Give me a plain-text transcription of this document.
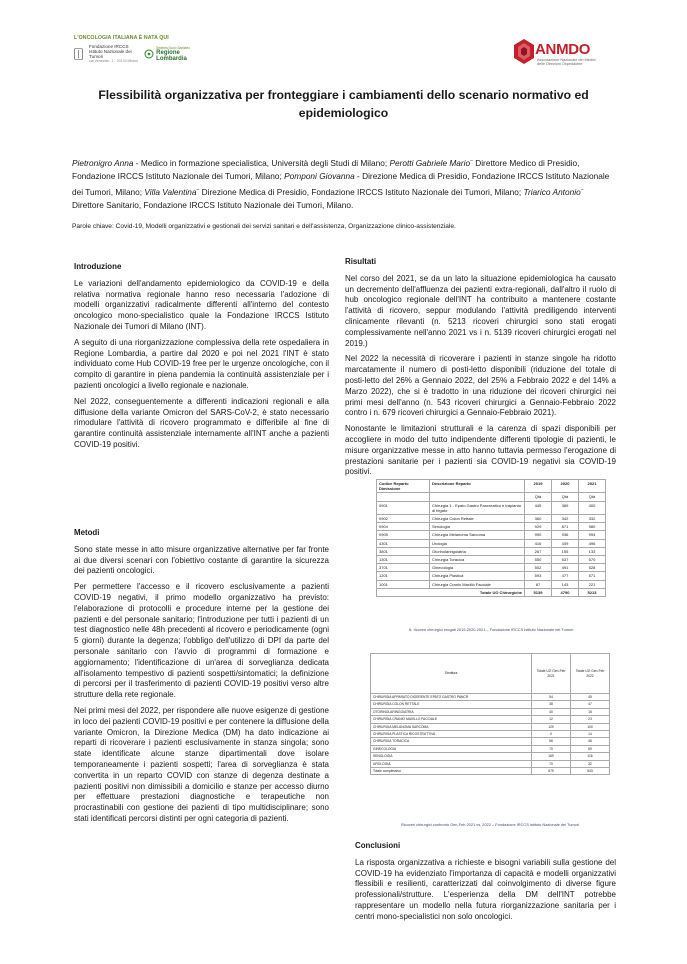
L'ONCOLOGIA ITALIANA È NATA QUI
Fondazione IRCCS
Istituto Nazionale dei
Tumori
via Venezian, 1 · 20133 Milano
Sistema Socio Sanitario
Regione
Lombardia
ANMDO
Associazione Nazionale dei Medici
delle Direzioni Ospedaliere
Flessibilità organizzativa per fronteggiare i cambiamenti dello scenario normativo ed epidemiologico
Pietronigro Anna - Medico in formazione specialistica, Università degli Studi di Milano; Perotti Gabriele Mario– Direttore Medico di Presidio, Fondazione IRCCS Istituto Nazionale dei Tumori, Milano; Pomponi Giovanna - Direzione Medica di Presidio, Fondazione IRCCS Istituto Nazionale dei Tumori, Milano; Villa Valentina– Direzione Medica di Presidio, Fondazione IRCCS Istituto Nazionale dei Tumori, Milano; Triarico Antonio– Direttore Sanitario, Fondazione IRCCS Istituto Nazionale dei Tumori, Milano.
Parole chiave: Covid-19, Modelli organizzativi e gestionali dei servizi sanitari e dell'assistenza, Organizzazione clinico-assistenziale.
Introduzione

Le variazioni dell'andamento epidemiologico da COVID-19 e della relativa normativa regionale hanno reso necessaria l'adozione di modelli organizzativi radicalmente differenti all'interno del contesto oncologico mono-specialistico quale la Fondazione IRCCS Istituto Nazionale dei Tumori di Milano (INT).

A seguito di una riorganizzazione complessiva della rete ospedaliera in Regione Lombardia, a partire dal 2020 e poi nel 2021 l'INT è stato individuato come Hub COVID-19 free per le urgenze oncologiche, con il compito di garantire in piena pandemia la continuità assistenziale per i pazienti oncologici a livello regionale e nazionale.

Nel 2022, conseguentemente a differenti indicazioni regionali e alla diffusione della variante Omicron del SARS-CoV-2, è stato necessario rimodulare l'attività di ricovero programmato e differibile al fine di garantire continuità assistenziale internamente all'INT anche a pazienti COVID-19 positivi.

Metodi

Sono state messe in atto misure organizzative alternative per far fronte ai due diversi scenari con l'obiettivo costante di garantire la sicurezza dei pazienti oncologici.

Per permettere l'accesso e il ricovero esclusivamente a pazienti COVID-19 negativi, il primo modello organizzativo ha previsto: l'elaborazione di protocolli e procedure interne per la gestione dei pazienti e del personale sanitario; l'introduzione per tutti i pazienti di un test diagnostico nelle 48h precedenti al ricovero e periodicamente (ogni 5 giorni) durante la degenza; l'obbligo dell'utilizzo di DPI da parte del personale sanitario con l'avvio di programmi di formazione e aggiornamento; l'identificazione di un'area di sorveglianza dedicata all'isolamento tempestivo di pazienti sospetti/sintomatici; la definizione di percorsi per il trasferimento di pazienti COVID-19 positivi verso altre strutture della rete regionale.

Nei primi mesi del 2022, per rispondere alle nuove esigenze di gestione in loco dei pazienti COVID-19 positivi e per contenere la diffusione della variante Omicron, la Direzione Medica (DM) ha dato indicazione ai reparti di ricoverare i pazienti esclusivamente in stanza singola; sono state identificate alcune stanze dipartimentali dove isolare temporaneamente i pazienti sospetti; l'area di sorveglianza è stata convertita in un reparto COVID con stanze di degenza destinate a pazienti positivi non dimissibili a domicilio e stanze per accesso diurno per effettuare prestazioni diagnostiche e terapeutiche non procrastinabili con gestione dei pazienti di tipo multidisciplinare; sono stati identificati percorsi distinti per ogni categoria di pazienti.

Risultati

Nel corso del 2021, se da un lato la situazione epidemiologica ha causato un decremento dell'affluenza dei pazienti extra-regionali, dall'altro il ruolo di hub oncologico regionale dell'INT ha contribuito a mantenere costante l'attività di ricovero, seppur modulando l'attività prediligendo interventi clinicamente rilevanti (n. 5213 ricoveri chirurgici sono stati erogati complessivamente nell'anno 2021 vs i n. 5139 ricoveri chirurgici erogati nel 2019.)

Nel 2022 la necessità di ricoverare i pazienti in stanze singole ha ridotto marcatamente il numero di posti-letto disponibili (riduzione del totale di posti-letto del 26% a Gennaio 2022, del 25% a Febbraio 2022 e del 14% a Marzo 2022), che si è tradotto in una riduzione dei ricoveri chirurgici nei primi mesi dell'anno (n. 543 ricoveri chirurgici a Gennaio-Febbraio 2022 contro i n. 679 ricoveri chirurgici a Gennaio-Febbraio 2021).

Nonostante le limitazioni strutturali e la carenza di spazi disponibili per accogliere in modo del tutto indipendente differenti tipologie di pazienti, le misure organizzative messe in atto hanno tuttavia permesso l'erogazione di prestazioni sanitarie per i pazienti sia COVID-19 negativi sia COVID-19 positivi.

Codice Reparto Dimissione	Descrizione Reparto	2019	2020	2021
		Qtà	Qtà	Qtà
0901	Chirurgia 1 - Epato Gastro Pancreatico e trapianto di fegato	445	389	400
0902	Chirurgia Colon Rettale	360	342	332
0904	Senologia	929	871	980
0905	Chirurgia Melanoma Sarcoma	990	936	994
4301	Urologia	416	439	496
3801	Otorinolaringoiatria	267	155	133
1301	Chirurgia Toracica	550	537	570
3701	Ginecologia	502	491	528
1201	Chirurgia Plastica	593	477	571
1001	Chirurgia Cranio Maxillo Facciale	87	143	221
Totale UO Chirurgiche		5139	4790	5213
N. ricoveri chirurgici erogati 2019-2020-2021 – Fondazione IRCCS Istituto Nazionale dei Tumori
Struttura	Totale UO Gen-Feb 2021	Totale UO Gen-Feb 2022
CHIRURGIA APPARATO DIGERENTE EPATO GASTRO PANCR	54	45
CHIRURGIA COLON RETTALE	38	47
OTORINOLARINGOIATRIA	40	15
CHIRURGIA CRANIO MAXILLO FACCIALE	12	23
CHIRURGIA MELANOMA SARCOMA	129	100
CHIRURGIA PLASTICA RICOSTRUTTIVA	0	14
CHIRURGIA TORACICA	56	46
GINECOLOGIA	70	69
SENOLOGIA	169	116
UROLOGIA	70	32
Totale complessivo	679	543
Ricoveri chirurgici confronto Gen-Feb 2021 vs. 2022 – Fondazione IRCCS Istituto Nazionale dei Tumori
Conclusioni

La risposta organizzativa a richieste e bisogni variabili sulla gestione del COVID-19 ha evidenziato l'importanza di capacità e modelli organizzativi flessibili e resilienti, caratterizzati dal coinvolgimento di diverse figure professionali/strutture. L'esperienza della DM dell'INT potrebbe rappresentare un modello nella futura riorganizzazione sanitaria per i centri mono-specialistici non solo oncologici.
